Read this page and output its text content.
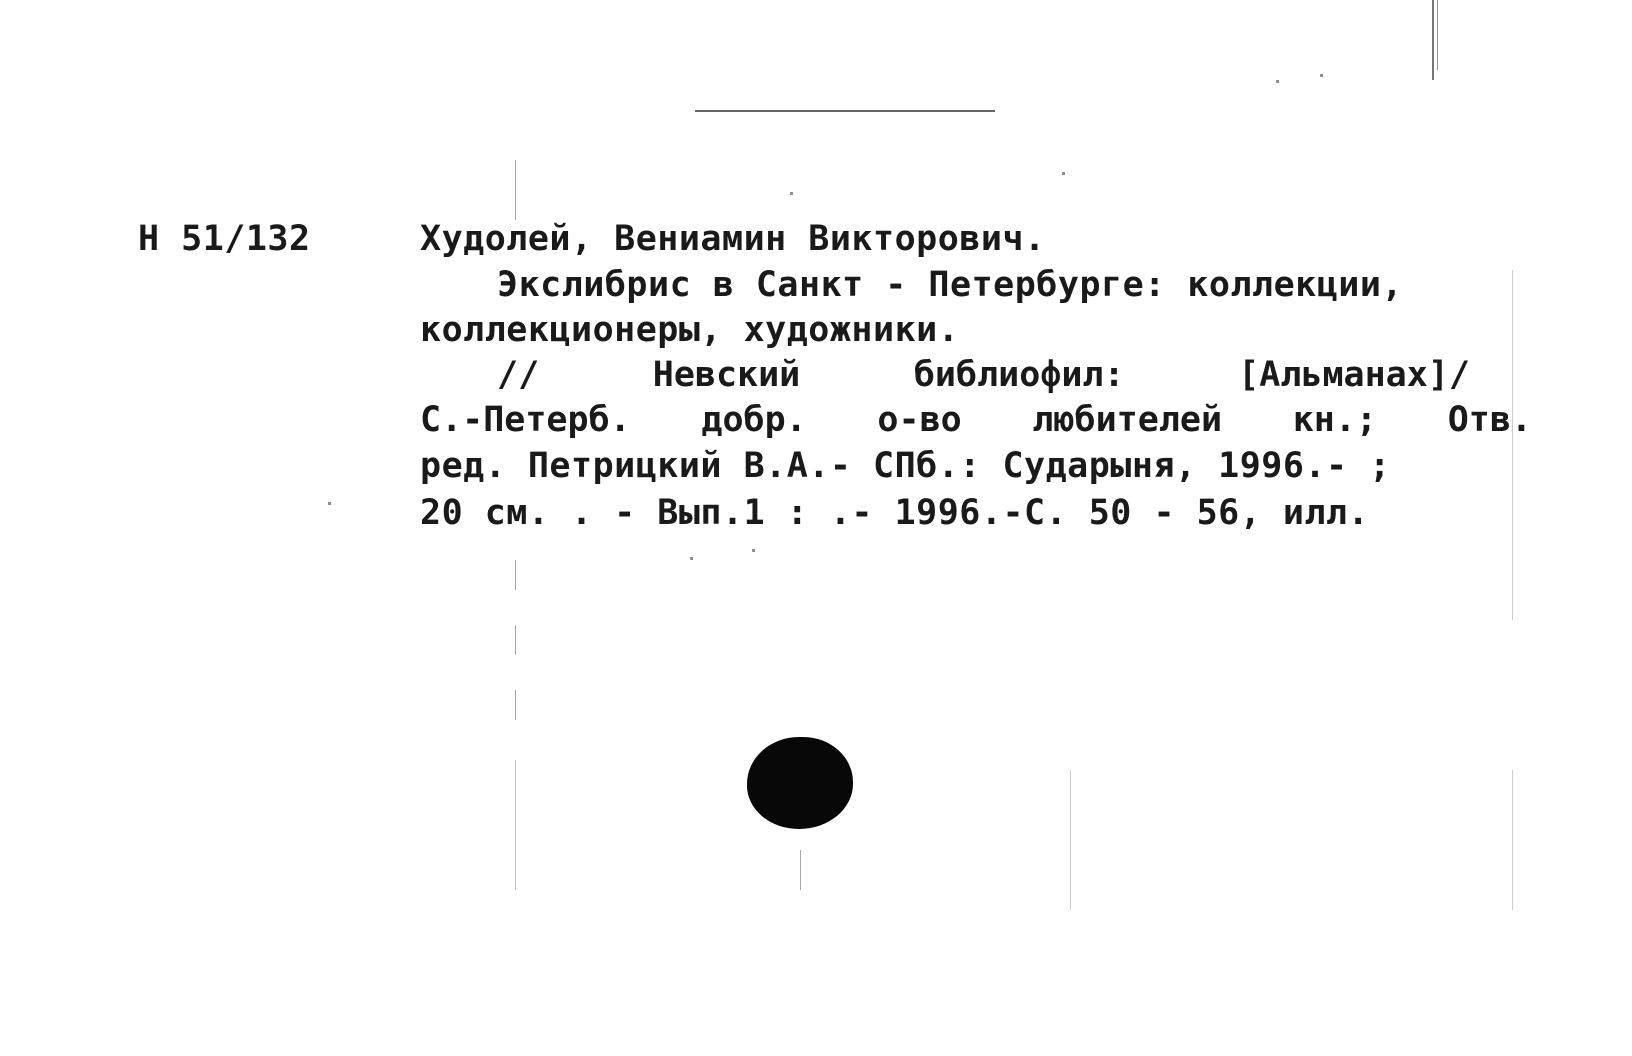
Н 51/132	Худолей, Вениамин Викторович.
Экслибрис в Санкт - Петербурге: коллекции,
коллекционеры, художники.
//	Невский	библиофил:	[Альманах]/
С.-Петерб. добр. о-во любителей кн.; Отв.
ред. Петрицкий В.А.- СПб.: Сударыня, 1996.- ;
20 см. . - Вып.1 : .- 1996.-С. 50 - 56, илл.
